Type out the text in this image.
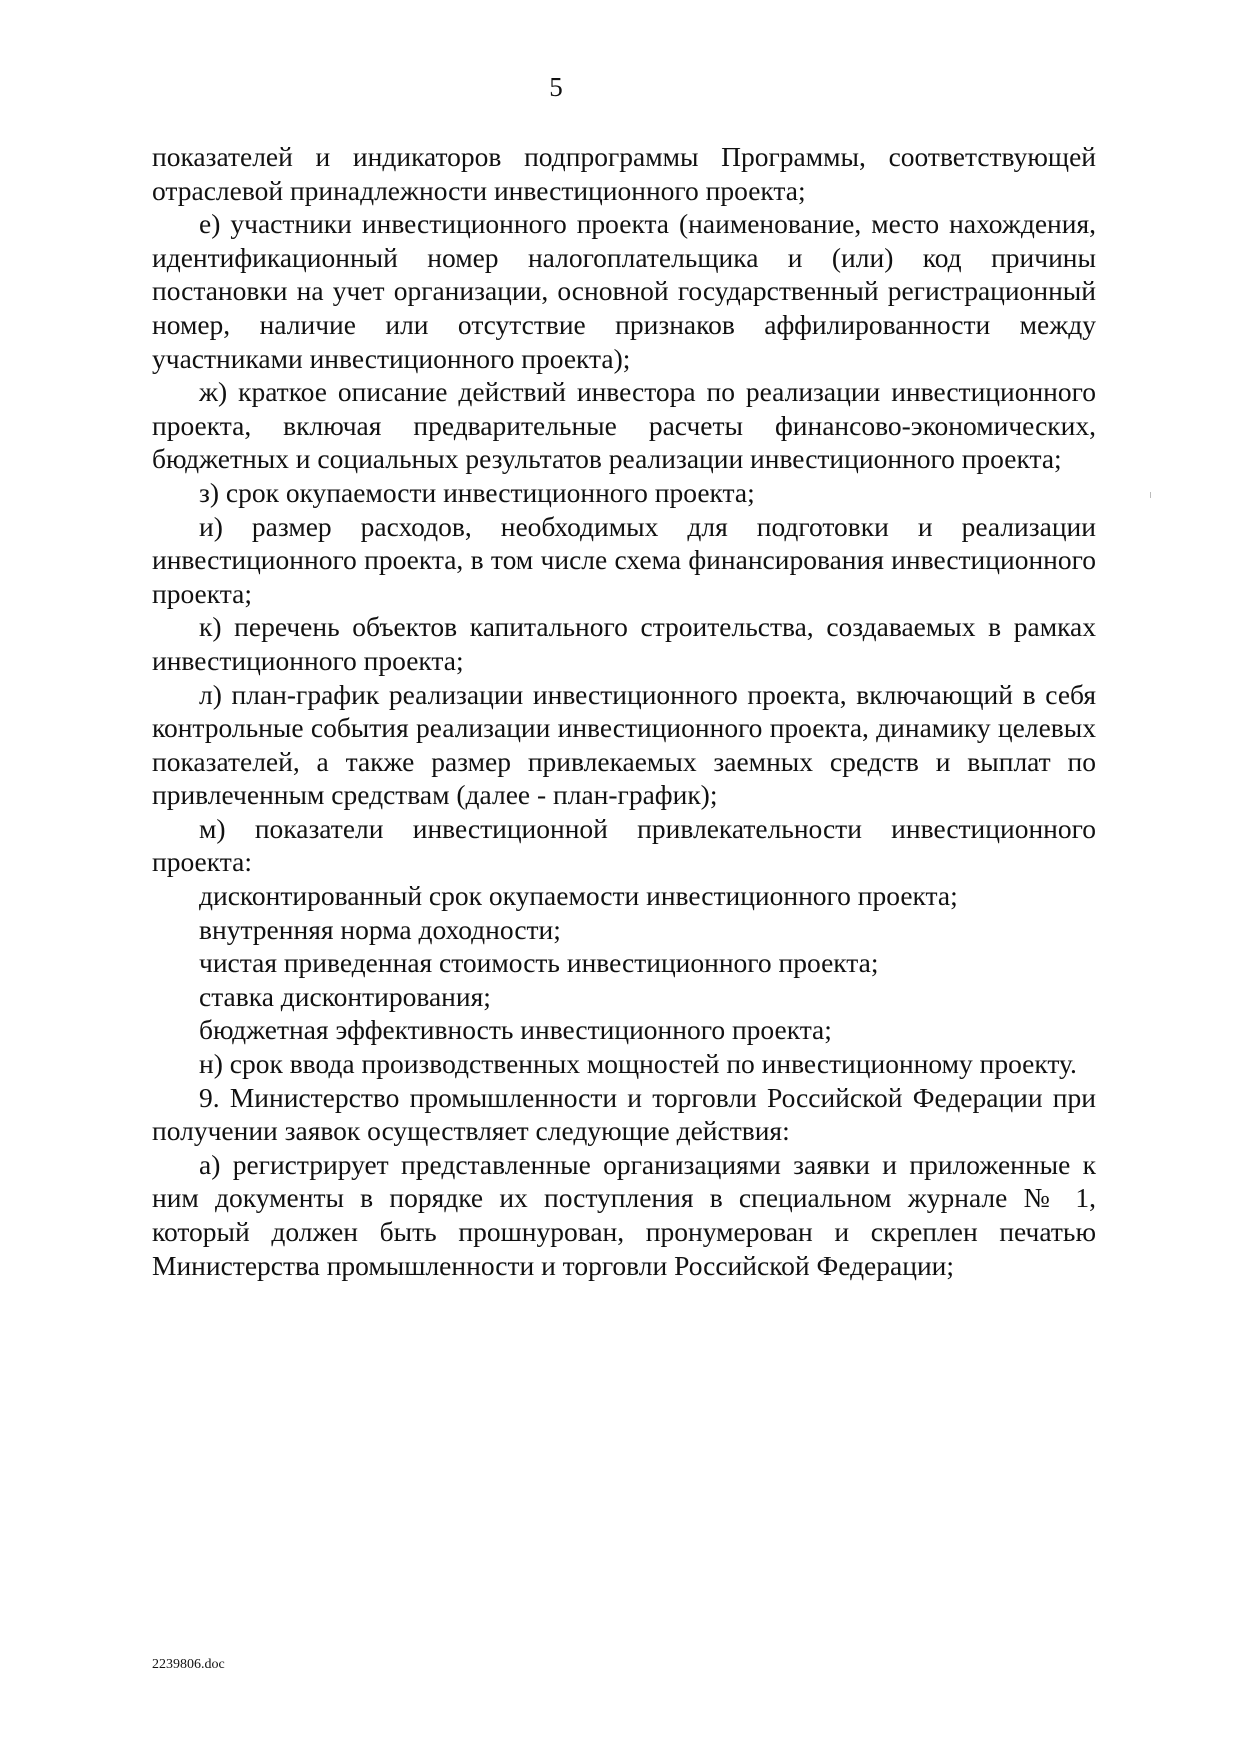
5

показателей и индикаторов подпрограммы Программы, соответствующей отраслевой принадлежности инвестиционного проекта;

е) участники инвестиционного проекта (наименование, место нахождения, идентификационный номер налогоплательщика и (или) код причины постановки на учет организации, основной государственный регистрационный номер, наличие или отсутствие признаков аффилированности между участниками инвестиционного проекта);

ж) краткое описание действий инвестора по реализации инвестиционного проекта, включая предварительные расчеты финансово-экономических, бюджетных и социальных результатов реализации инвестиционного проекта;

з) срок окупаемости инвестиционного проекта;

и) размер расходов, необходимых для подготовки и реализации инвестиционного проекта, в том числе схема финансирования инвестиционного проекта;

к) перечень объектов капитального строительства, создаваемых в рамках инвестиционного проекта;

л) план-график реализации инвестиционного проекта, включающий в себя контрольные события реализации инвестиционного проекта, динамику целевых показателей, а также размер привлекаемых заемных средств и выплат по привлеченным средствам (далее - план-график);

м) показатели инвестиционной привлекательности инвестиционного проекта:

дисконтированный срок окупаемости инвестиционного проекта;

внутренняя норма доходности;

чистая приведенная стоимость инвестиционного проекта;

ставка дисконтирования;

бюджетная эффективность инвестиционного проекта;

н) срок ввода производственных мощностей по инвестиционному проекту.

9. Министерство промышленности и торговли Российской Федерации при получении заявок осуществляет следующие действия:

а) регистрирует представленные организациями заявки и приложенные к ним документы в порядке их поступления в специальном журнале № 1, который должен быть прошнурован, пронумерован и скреплен печатью Министерства промышленности и торговли Российской Федерации;

2239806.doc
